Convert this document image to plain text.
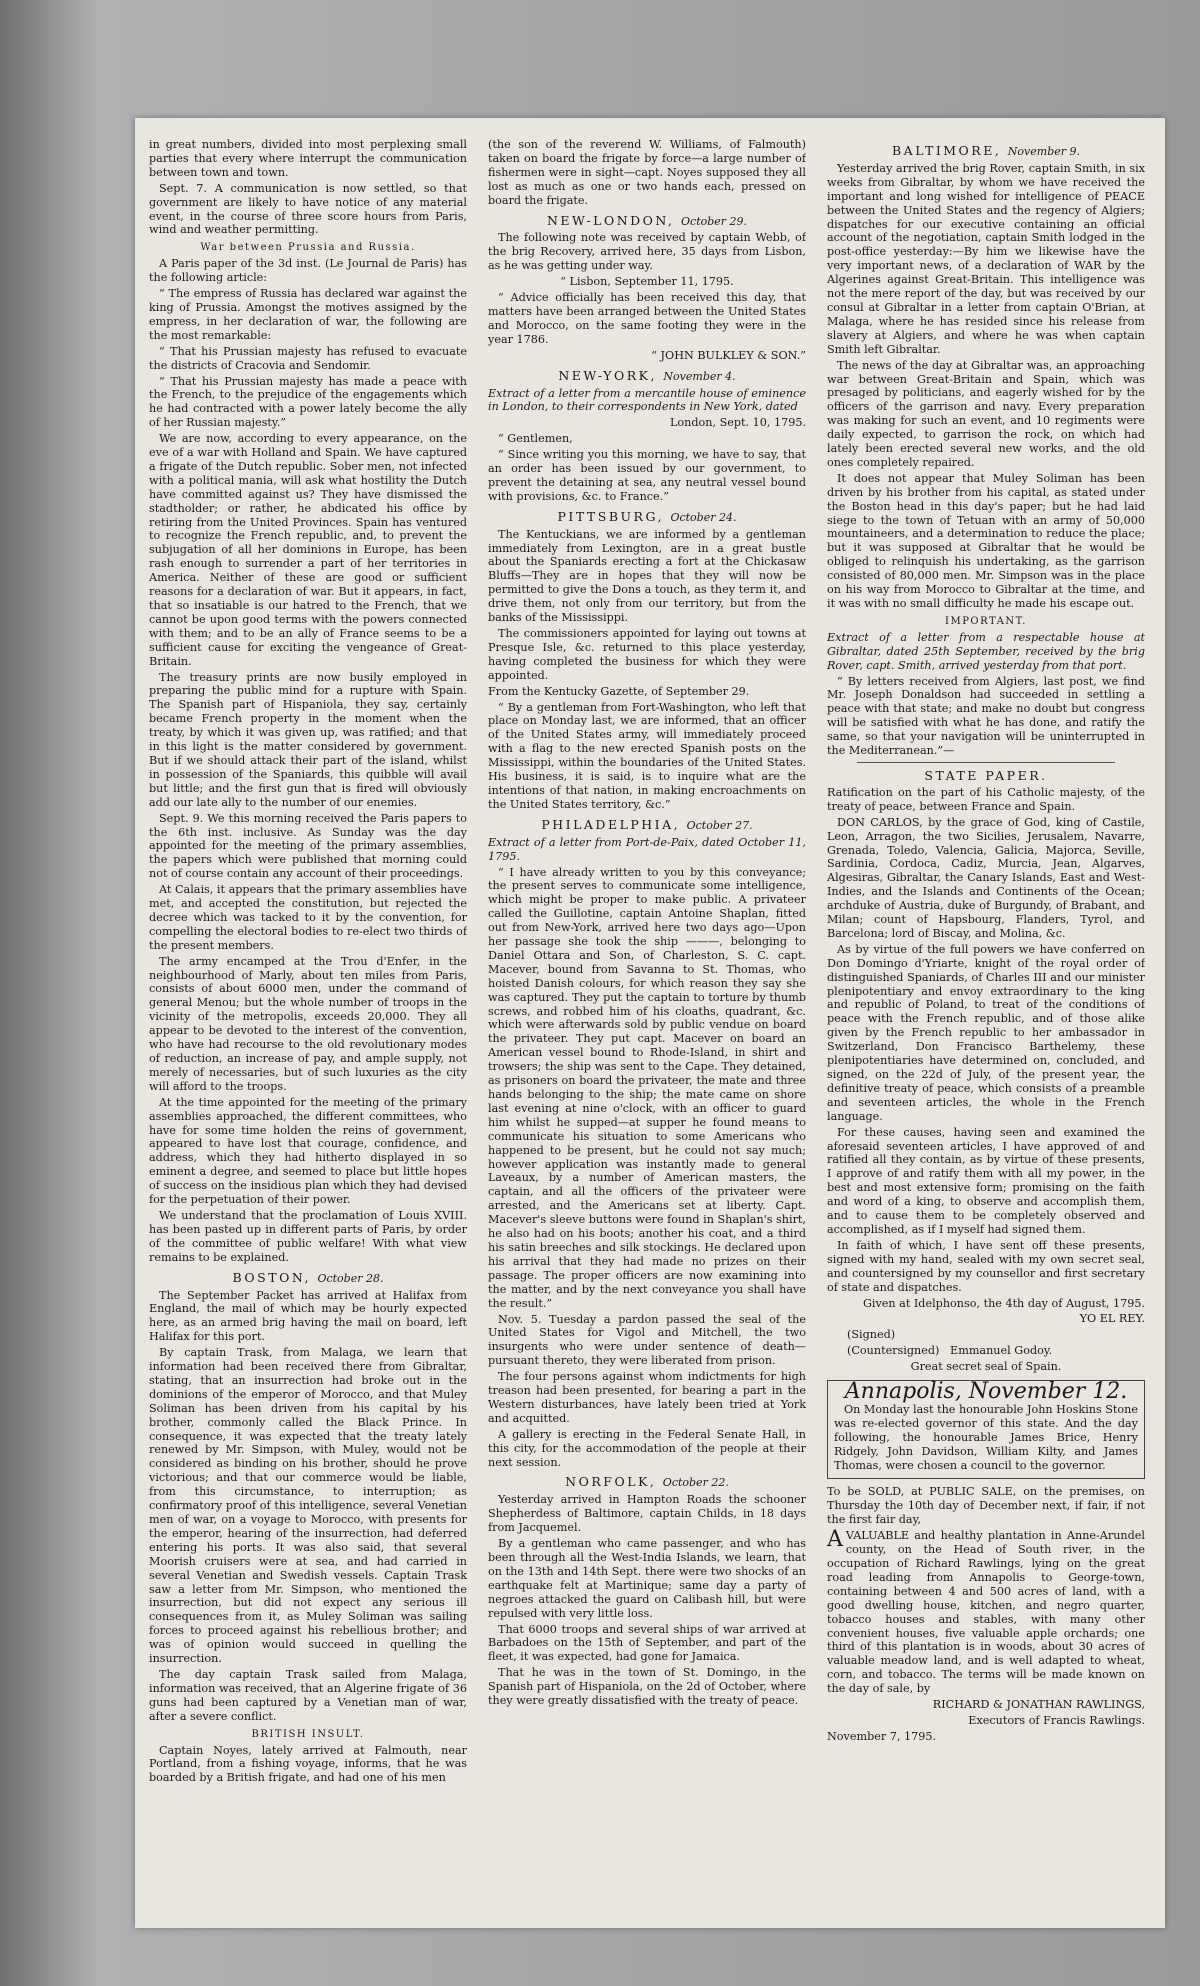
in great numbers, divided into most perplexing small parties that every where interrupt the communication between town and town.

Sept. 7. A communication is now settled, so that government are likely to have notice of any material event, in the course of three score hours from Paris, wind and weather permitting.

War between Prussia and Russia.

A Paris paper of the 3d inst. (Le Journal de Paris) has the following article:

“ The empress of Russia has declared war against the king of Prussia. Amongst the motives assigned by the empress, in her declaration of war, the following are the most remarkable:

“ That his Prussian majesty has refused to evacuate the districts of Cracovia and Sendomir.

“ That his Prussian majesty has made a peace with the French, to the prejudice of the engagements which he had contracted with a power lately become the ally of her Russian majesty.”

We are now, according to every appearance, on the eve of a war with Holland and Spain. We have captured a frigate of the Dutch republic. Sober men, not infected with a political mania, will ask what hostility the Dutch have committed against us? They have dismissed the stadtholder; or rather, he abdicated his office by retiring from the United Provinces. Spain has ventured to recognize the French republic, and, to prevent the subjugation of all her dominions in Europe, has been rash enough to surrender a part of her territories in America. Neither of these are good or sufficient reasons for a declaration of war. But it appears, in fact, that so insatiable is our hatred to the French, that we cannot be upon good terms with the powers connected with them; and to be an ally of France seems to be a sufficient cause for exciting the vengeance of Great-Britain.

The treasury prints are now busily employed in preparing the public mind for a rupture with Spain. The Spanish part of Hispaniola, they say, certainly became French property in the moment when the treaty, by which it was given up, was ratified; and that in this light is the matter considered by government. But if we should attack their part of the island, whilst in possession of the Spaniards, this quibble will avail but little; and the first gun that is fired will obviously add our late ally to the number of our enemies.

Sept. 9. We this morning received the Paris papers to the 6th inst. inclusive. As Sunday was the day appointed for the meeting of the primary assemblies, the papers which were published that morning could not of course contain any account of their proceedings.

At Calais, it appears that the primary assemblies have met, and accepted the constitution, but rejected the decree which was tacked to it by the convention, for compelling the electoral bodies to re-elect two thirds of the present members.

The army encamped at the Trou d'Enfer, in the neighbourhood of Marly, about ten miles from Paris, consists of about 6000 men, under the command of general Menou; but the whole number of troops in the vicinity of the metropolis, exceeds 20,000. They all appear to be devoted to the interest of the convention, who have had recourse to the old revolutionary modes of reduction, an increase of pay, and ample supply, not merely of necessaries, but of such luxuries as the city will afford to the troops.

At the time appointed for the meeting of the primary assemblies approached, the different committees, who have for some time holden the reins of government, appeared to have lost that courage, confidence, and address, which they had hitherto displayed in so eminent a degree, and seemed to place but little hopes of success on the insidious plan which they had devised for the perpetuation of their power.

We understand that the proclamation of Louis XVIII. has been pasted up in different parts of Paris, by order of the committee of public welfare! With what view remains to be explained.

BOSTON, October 28.

The September Packet has arrived at Halifax from England, the mail of which may be hourly expected here, as an armed brig having the mail on board, left Halifax for this port.

By captain Trask, from Malaga, we learn that information had been received there from Gibraltar, stating, that an insurrection had broke out in the dominions of the emperor of Morocco, and that Muley Soliman has been driven from his capital by his brother, commonly called the Black Prince. In consequence, it was expected that the treaty lately renewed by Mr. Simpson, with Muley, would not be considered as binding on his brother, should he prove victorious; and that our commerce would be liable, from this circumstance, to interruption; as confirmatory proof of this intelligence, several Venetian men of war, on a voyage to Morocco, with presents for the emperor, hearing of the insurrection, had deferred entering his ports. It was also said, that several Moorish cruisers were at sea, and had carried in several Venetian and Swedish vessels. Captain Trask saw a letter from Mr. Simpson, who mentioned the insurrection, but did not expect any serious ill consequences from it, as Muley Soliman was sailing forces to proceed against his rebellious brother; and was of opinion would succeed in quelling the insurrection.

The day captain Trask sailed from Malaga, information was received, that an Algerine frigate of 36 guns had been captured by a Venetian man of war, after a severe conflict.

BRITISH INSULT.

Captain Noyes, lately arrived at Falmouth, near Portland, from a fishing voyage, informs, that he was boarded by a British frigate, and had one of his men

(the son of the reverend W. Williams, of Falmouth) taken on board the frigate by force—a large number of fishermen were in sight—capt. Noyes supposed they all lost as much as one or two hands each, pressed on board the frigate.

NEW-LONDON, October 29.

The following note was received by captain Webb, of the brig Recovery, arrived here, 35 days from Lisbon, as he was getting under way.

“ Lisbon, September 11, 1795.

“ Advice officially has been received this day, that matters have been arranged between the United States and Morocco, on the same footing they were in the year 1786.

“ JOHN BULKLEY & SON.”

NEW-YORK, November 4.

Extract of a letter from a mercantile house of eminence in London, to their correspondents in New York, dated

London, Sept. 10, 1795.

“ Gentlemen,

“ Since writing you this morning, we have to say, that an order has been issued by our government, to prevent the detaining at sea, any neutral vessel bound with provisions, &c. to France.”

PITTSBURG, October 24.

The Kentuckians, we are informed by a gentleman immediately from Lexington, are in a great bustle about the Spaniards erecting a fort at the Chickasaw Bluffs—They are in hopes that they will now be permitted to give the Dons a touch, as they term it, and drive them, not only from our territory, but from the banks of the Mississippi.

The commissioners appointed for laying out towns at Presque Isle, &c. returned to this place yesterday, having completed the business for which they were appointed.

From the Kentucky Gazette, of September 29.

“ By a gentleman from Fort-Washington, who left that place on Monday last, we are informed, that an officer of the United States army, will immediately proceed with a flag to the new erected Spanish posts on the Mississippi, within the boundaries of the United States. His business, it is said, is to inquire what are the intentions of that nation, in making encroachments on the United States territory, &c.”

PHILADELPHIA, October 27.

Extract of a letter from Port-de-Paix, dated October 11, 1795.

“ I have already written to you by this conveyance; the present serves to communicate some intelligence, which might be proper to make public. A privateer called the Guillotine, captain Antoine Shaplan, fitted out from New-York, arrived here two days ago—Upon her passage she took the ship ———, belonging to Daniel Ottara and Son, of Charleston, S. C. capt. Macever, bound from Savanna to St. Thomas, who hoisted Danish colours, for which reason they say she was captured. They put the captain to torture by thumb screws, and robbed him of his cloaths, quadrant, &c. which were afterwards sold by public vendue on board the privateer. They put capt. Macever on board an American vessel bound to Rhode-Island, in shirt and trowsers; the ship was sent to the Cape. They detained, as prisoners on board the privateer, the mate and three hands belonging to the ship; the mate came on shore last evening at nine o'clock, with an officer to guard him whilst he supped—at supper he found means to communicate his situation to some Americans who happened to be present, but he could not say much; however application was instantly made to general Laveaux, by a number of American masters, the captain, and all the officers of the privateer were arrested, and the Americans set at liberty. Capt. Macever's sleeve buttons were found in Shaplan's shirt, he also had on his boots; another his coat, and a third his satin breeches and silk stockings. He declared upon his arrival that they had made no prizes on their passage. The proper officers are now examining into the matter, and by the next conveyance you shall have the result.”

Nov. 5. Tuesday a pardon passed the seal of the United States for Vigol and Mitchell, the two insurgents who were under sentence of death—pursuant thereto, they were liberated from prison.

The four persons against whom indictments for high treason had been presented, for bearing a part in the Western disturbances, have lately been tried at York and acquitted.

A gallery is erecting in the Federal Senate Hall, in this city, for the accommodation of the people at their next session.

NORFOLK, October 22.

Yesterday arrived in Hampton Roads the schooner Shepherdess of Baltimore, captain Childs, in 18 days from Jacquemel.

By a gentleman who came passenger, and who has been through all the West-India Islands, we learn, that on the 13th and 14th Sept. there were two shocks of an earthquake felt at Martinique; same day a party of negroes attacked the guard on Calibash hill, but were repulsed with very little loss.

That 6000 troops and several ships of war arrived at Barbadoes on the 15th of September, and part of the fleet, it was expected, had gone for Jamaica.

That he was in the town of St. Domingo, in the Spanish part of Hispaniola, on the 2d of October, where they were greatly dissatisfied with the treaty of peace.

BALTIMORE, November 9.

Yesterday arrived the brig Rover, captain Smith, in six weeks from Gibraltar, by whom we have received the important and long wished for intelligence of PEACE between the United States and the regency of Algiers; dispatches for our executive containing an official account of the negotiation, captain Smith lodged in the post-office yesterday:—By him we likewise have the very important news, of a declaration of WAR by the Algerines against Great-Britain. This intelligence was not the mere report of the day, but was received by our consul at Gibraltar in a letter from captain O'Brian, at Malaga, where he has resided since his release from slavery at Algiers, and where he was when captain Smith left Gibraltar.

The news of the day at Gibraltar was, an approaching war between Great-Britain and Spain, which was presaged by politicians, and eagerly wished for by the officers of the garrison and navy. Every preparation was making for such an event, and 10 regiments were daily expected, to garrison the rock, on which had lately been erected several new works, and the old ones completely repaired.

It does not appear that Muley Soliman has been driven by his brother from his capital, as stated under the Boston head in this day's paper; but he had laid siege to the town of Tetuan with an army of 50,000 mountaineers, and a determination to reduce the place; but it was supposed at Gibraltar that he would be obliged to relinquish his undertaking, as the garrison consisted of 80,000 men. Mr. Simpson was in the place on his way from Morocco to Gibraltar at the time, and it was with no small difficulty he made his escape out.

IMPORTANT.

Extract of a letter from a respectable house at Gibraltar, dated 25th September, received by the brig Rover, capt. Smith, arrived yesterday from that port.

“ By letters received from Algiers, last post, we find Mr. Joseph Donaldson had succeeded in settling a peace with that state; and make no doubt but congress will be satisfied with what he has done, and ratify the same, so that your navigation will be uninterrupted in the Mediterranean.”—

STATE PAPER.

Ratification on the part of his Catholic majesty, of the treaty of peace, between France and Spain.

DON CARLOS, by the grace of God, king of Castile, Leon, Arragon, the two Sicilies, Jerusalem, Navarre, Grenada, Toledo, Valencia, Galicia, Majorca, Seville, Sardinia, Cordoca, Cadiz, Murcia, Jean, Algarves, Algesiras, Gibraltar, the Canary Islands, East and West-Indies, and the Islands and Continents of the Ocean; archduke of Austria, duke of Burgundy, of Brabant, and Milan; count of Hapsbourg, Flanders, Tyrol, and Barcelona; lord of Biscay, and Molina, &c.

As by virtue of the full powers we have conferred on Don Domingo d'Yriarte, knight of the royal order of distinguished Spaniards, of Charles III and our minister plenipotentiary and envoy extraordinary to the king and republic of Poland, to treat of the conditions of peace with the French republic, and of those alike given by the French republic to her ambassador in Switzerland, Don Francisco Barthelemy, these plenipotentiaries have determined on, concluded, and signed, on the 22d of July, of the present year, the definitive treaty of peace, which consists of a preamble and seventeen articles, the whole in the French language.

For these causes, having seen and examined the aforesaid seventeen articles, I have approved of and ratified all they contain, as by virtue of these presents, I approve of and ratify them with all my power, in the best and most extensive form; promising on the faith and word of a king, to observe and accomplish them, and to cause them to be completely observed and accomplished, as if I myself had signed them.

In faith of which, I have sent off these presents, signed with my hand, sealed with my own secret seal, and countersigned by my counsellor and first secretary of state and dispatches.

Given at Idelphonso, the 4th day of August, 1795.

YO EL REY.

(Signed)

(Countersigned) Emmanuel Godoy.

Great secret seal of Spain.

Annapolis, November 12.

On Monday last the honourable John Hoskins Stone was re-elected governor of this state. And the day following, the honourable James Brice, Henry Ridgely, John Davidson, William Kilty, and James Thomas, were chosen a council to the governor.

To be SOLD, at PUBLIC SALE, on the premises, on Thursday the 10th day of December next, if fair, if not the first fair day,

AVALUABLE and healthy plantation in Anne-Arundel county, on the Head of South river, in the occupation of Richard Rawlings, lying on the great road leading from Annapolis to George-town, containing between 4 and 500 acres of land, with a good dwelling house, kitchen, and negro quarter, tobacco houses and stables, with many other convenient houses, five valuable apple orchards; one third of this plantation is in woods, about 30 acres of valuable meadow land, and is well adapted to wheat, corn, and tobacco. The terms will be made known on the day of sale, by

RICHARD & JONATHAN RAWLINGS,

Executors of Francis Rawlings.

November 7, 1795.
